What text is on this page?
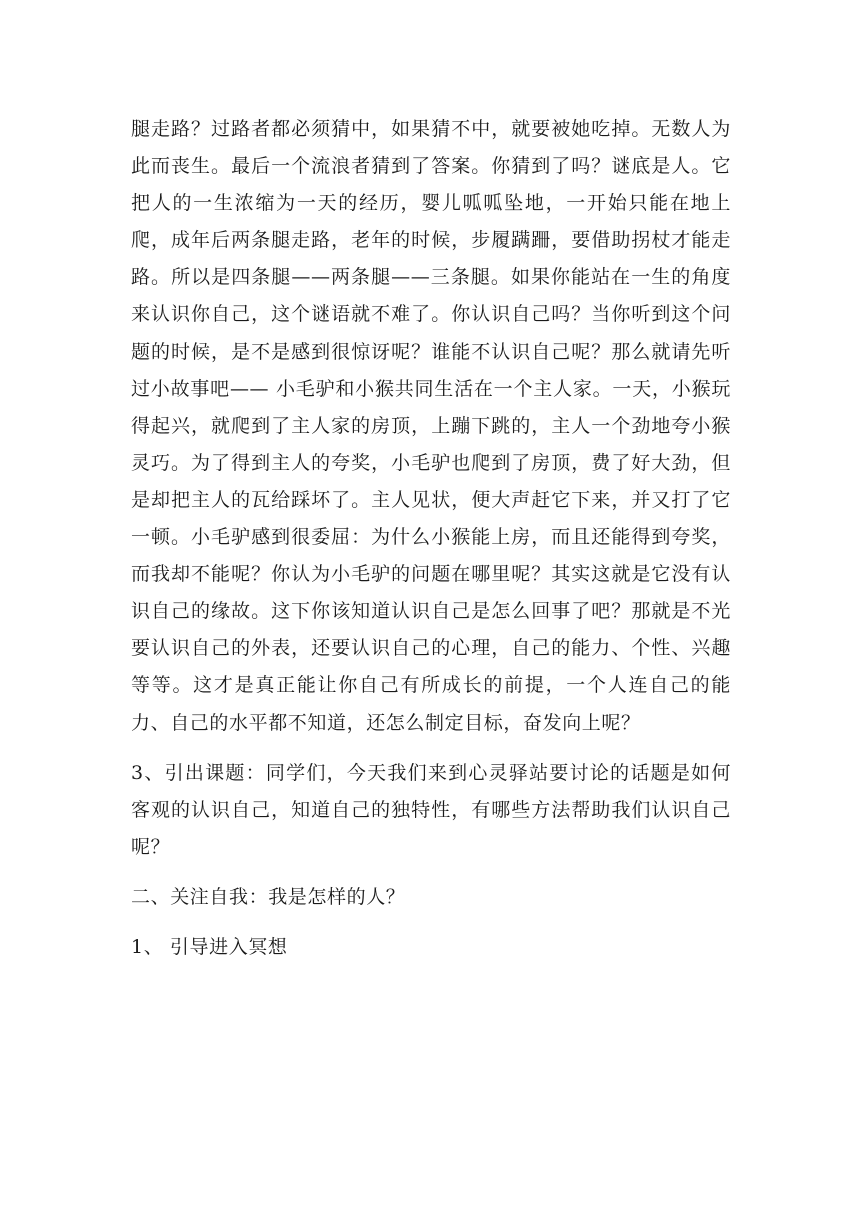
腿走路？过路者都必须猜中，如果猜不中，就要被她吃掉。无数人为此而丧生。最后一个流浪者猜到了答案。你猜到了吗？谜底是人。它把人的一生浓缩为一天的经历，婴儿呱呱坠地，一开始只能在地上爬，成年后两条腿走路，老年的时候，步履蹒跚，要借助拐杖才能走路。所以是四条腿——两条腿——三条腿。如果你能站在一生的角度来认识你自己，这个谜语就不难了。你认识自己吗？当你听到这个问题的时候，是不是感到很惊讶呢？谁能不认识自己呢？那么就请先听过小故事吧—— 小毛驴和小猴共同生活在一个主人家。一天，小猴玩得起兴，就爬到了主人家的房顶，上蹦下跳的，主人一个劲地夸小猴灵巧。为了得到主人的夸奖，小毛驴也爬到了房顶，费了好大劲，但是却把主人的瓦给踩坏了。主人见状，便大声赶它下来，并又打了它一顿。小毛驴感到很委屈：为什么小猴能上房，而且还能得到夸奖，而我却不能呢？你认为小毛驴的问题在哪里呢？其实这就是它没有认识自己的缘故。这下你该知道认识自己是怎么回事了吧？那就是不光要认识自己的外表，还要认识自己的心理，自己的能力、个性、兴趣等等。这才是真正能让你自己有所成长的前提，一个人连自己的能力、自己的水平都不知道，还怎么制定目标，奋发向上呢？

3、引出课题：同学们，今天我们来到心灵驿站要讨论的话题是如何客观的认识自己，知道自己的独特性，有哪些方法帮助我们认识自己呢？

二、关注自我：我是怎样的人？

1、 引导进入冥想
